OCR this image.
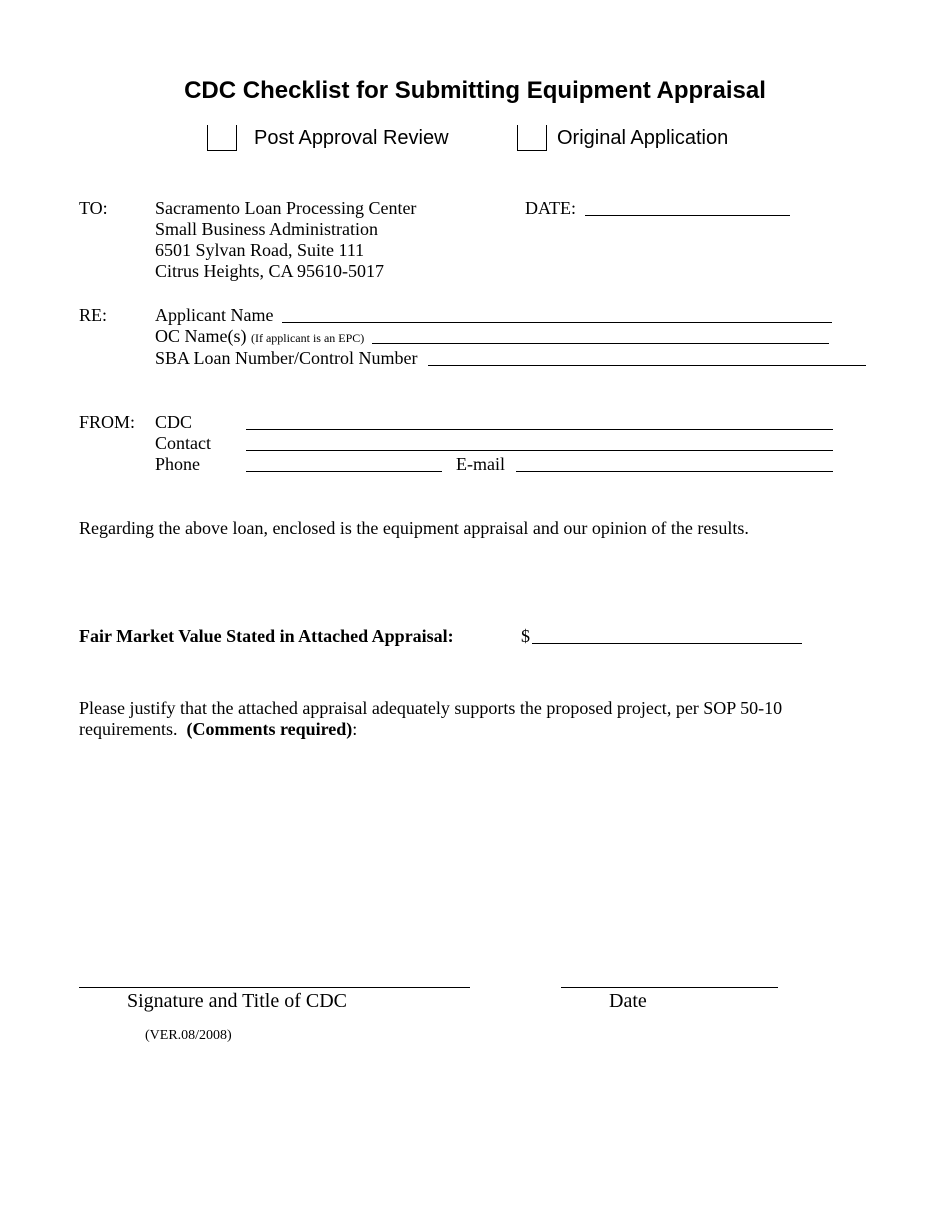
CDC Checklist for Submitting Equipment Appraisal
Post Approval Review	Original Application
TO:	Sacramento Loan Processing Center
Small Business Administration
6501 Sylvan Road, Suite 111
Citrus Heights, CA 95610-5017
DATE:
RE:	Applicant Name
OC Name(s) (If applicant is an EPC)
SBA Loan Number/Control Number
FROM: CDC
Contact
Phone	E-mail
Regarding the above loan, enclosed is the equipment appraisal and our opinion of the results.
Fair Market Value Stated in Attached Appraisal:	$
Please justify that the attached appraisal adequately supports the proposed project, per SOP 50-10
requirements. (Comments required):
Signature and Title of CDC	Date
(VER.08/2008)
